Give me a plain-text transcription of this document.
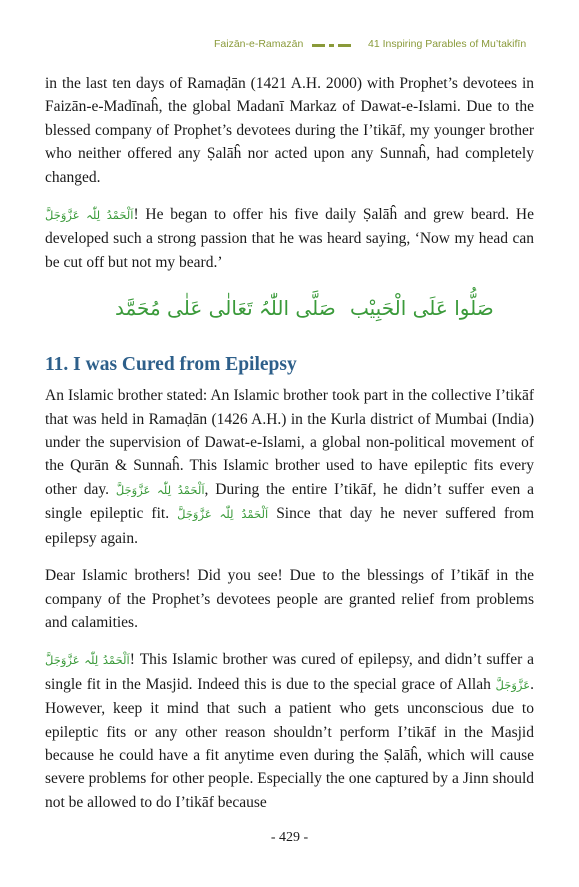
Faizān-e-Ramazān	41 Inspiring Parables of Mu’takifīn

in the last ten days of Ramaḍān (1421 A.H. 2000) with Prophet’s devotees in Faizān-e-Madīnaĥ, the global Madanī Markaz of Dawat-e-Islami. Due to the blessed company of Prophet’s devotees during the I’tikāf, my younger brother who neither offered any Ṣalāĥ nor acted upon any Sunnaĥ, had completely changed.

اَلْحَمْدُ لِلّٰہ عَزَّوَجَلَّ! He began to offer his five daily Ṣalāĥ and grew beard. He developed such a strong passion that he was heard saying, ‘Now my head can be cut off but not my beard.’

صَلَّی اللّٰہُ تَعَالٰی عَلٰی مُحَمَّد صَلُّوا عَلَی الْحَبِیْب
11. I was Cured from Epilepsy

An Islamic brother stated: An Islamic brother took part in the collective I’tikāf that was held in Ramaḍān (1426 A.H.) in the Kurla district of Mumbai (India) under the supervision of Dawat-e-Islami, a global non-political movement of the Qurān & Sunnaĥ. This Islamic brother used to have epileptic fits every other day. اَلْحَمْدُ لِلّٰہ عَزَّوَجَلَّ, During the entire I’tikāf, he didn’t suffer even a single epileptic fit. اَلْحَمْدُ لِلّٰہ عَزَّوَجَلَّ Since that day he never suffered from epilepsy again.

Dear Islamic brothers! Did you see! Due to the blessings of I’tikāf in the company of the Prophet’s devotees people are granted relief from problems and calamities.

اَلْحَمْدُ لِلّٰہ عَزَّوَجَلَّ! This Islamic brother was cured of epilepsy, and didn’t suffer a single fit in the Masjid. Indeed this is due to the special grace of Allah عَزَّوَجَلَّ. However, keep it mind that such a patient who gets unconscious due to epileptic fits or any other reason shouldn’t perform I’tikāf in the Masjid because he could have a fit anytime even during the Ṣalāĥ, which will cause severe problems for other people. Especially the one captured by a Jinn should not be allowed to do I’tikāf because

- 429 -
